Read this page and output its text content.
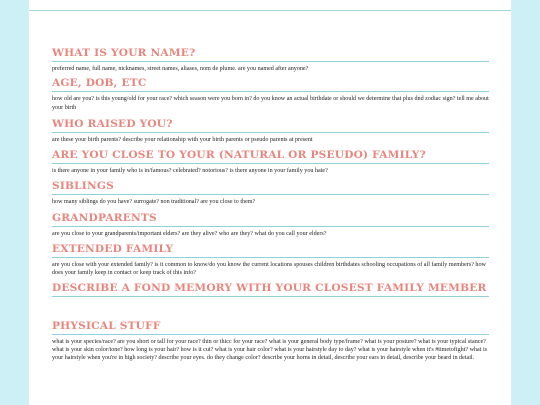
WHAT IS YOUR NAME?

preferred name, full name, nicknames, street names, aliases, nom de plume. are you named after anyone?

AGE, DOB, ETC

how old are you? is this young/old for your race? which season were you born in? do you know an actual birthdate or should we determine that plus dnd zodiac sign? tell me about your birth

WHO RAISED YOU?

are these your birth parents? describe your relationship with your birth parents or pseudo parents at present

ARE YOU CLOSE TO YOUR (NATURAL OR PSEUDO) FAMILY?

is there anyone in your family who is in/famous? celebrated? notorious? is there anyone in your family you hate?

SIBLINGS

how many siblings do you have? surrogate? non traditional? are you close to them?

GRANDPARENTS

are you close to your grandparents/important elders? are they alive? who are they? what do you call your elders?

EXTENDED FAMILY

are you close with your extended family? is it common to know/do you know the current locations spouses children birthdates schooling occupations of all family members? how does your family keep in contact or keep track of this info?

DESCRIBE A FOND MEMORY WITH YOUR CLOSEST FAMILY MEMBER
PHYSICAL STUFF

what is your species/race? are you short or tall for your race? thin or thicc for your race? what is your general body type/frame? what is your posture? what is your typical stance? what is your skin color/tone? how long is your hair? how is it cut? what is your hair color? what is your hairstyle day to day? what is your hairstyle when it's #timetofight? what is your hairstyle when you're in high society? describe your eyes. do they change color? describe your horns in detail, describe your ears in detail, describe your beard in detail.
